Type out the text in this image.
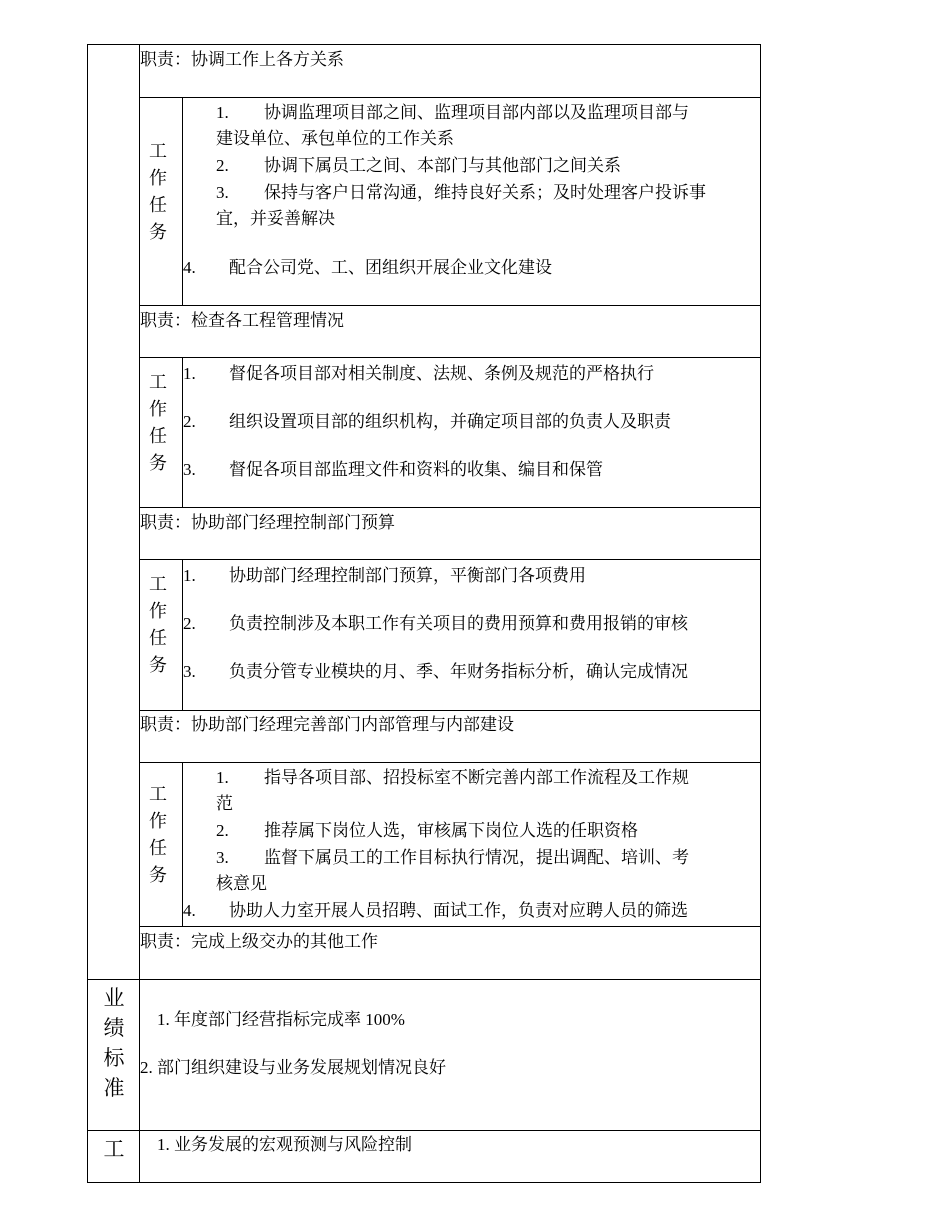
职责：协调工作上各方关系
工作任务
1. 协调监理项目部之间、监理项目部内部以及监理项目部与
建设单位、承包单位的工作关系
2. 协调下属员工之间、本部门与其他部门之间关系
3. 保持与客户日常沟通，维持良好关系；及时处理客户投诉事
宜，并妥善解决
4. 配合公司党、工、团组织开展企业文化建设
职责：检查各工程管理情况
工作任务
1. 督促各项目部对相关制度、法规、条例及规范的严格执行
2. 组织设置项目部的组织机构，并确定项目部的负责人及职责
3. 督促各项目部监理文件和资料的收集、编目和保管
职责：协助部门经理控制部门预算
工作任务
1. 协助部门经理控制部门预算，平衡部门各项费用
2. 负责控制涉及本职工作有关项目的费用预算和费用报销的审核
3. 负责分管专业模块的月、季、年财务指标分析，确认完成情况
职责：协助部门经理完善部门内部管理与内部建设
工作任务
1. 指导各项目部、招投标室不断完善内部工作流程及工作规
范
2. 推荐属下岗位人选，审核属下岗位人选的任职资格
3. 监督下属员工的工作目标执行情况，提出调配、培训、考
核意见
4. 协助人力室开展人员招聘、面试工作，负责对应聘人员的筛选
职责：完成上级交办的其他工作
业绩标准
1. 年度部门经营指标完成率 100%
2. 部门组织建设与业务发展规划情况良好
工 1. 业务发展的宏观预测与风险控制
